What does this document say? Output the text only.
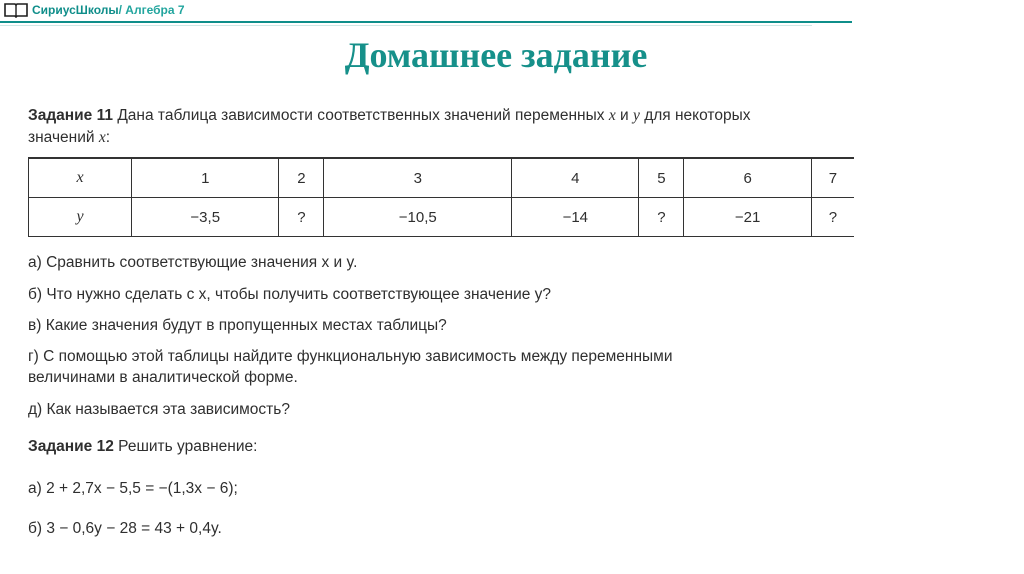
СириусШколы/ Алгебра 7
Домашнее задание
Задание 11 Дана таблица зависимости соответственных значений переменных x и y для некоторых
значений x:
x	1	2	3	4	5	6	7
y	−3,5	?	−10,5	−14	?	−21	?
а) Сравнить соответствующие значения x и y.
б) Что нужно сделать с x, чтобы получить соответствующее значение y?
в) Какие значения будут в пропущенных местах таблицы?
г) С помощью этой таблицы найдите функциональную зависимость между переменными
величинами в аналитической форме.
д) Как называется эта зависимость?
Задание 12 Решить уравнение:
а) 2 + 2,7x − 5,5 = −(1,3x − 6);
б) 3 − 0,6y − 28 = 43 + 0,4y.
